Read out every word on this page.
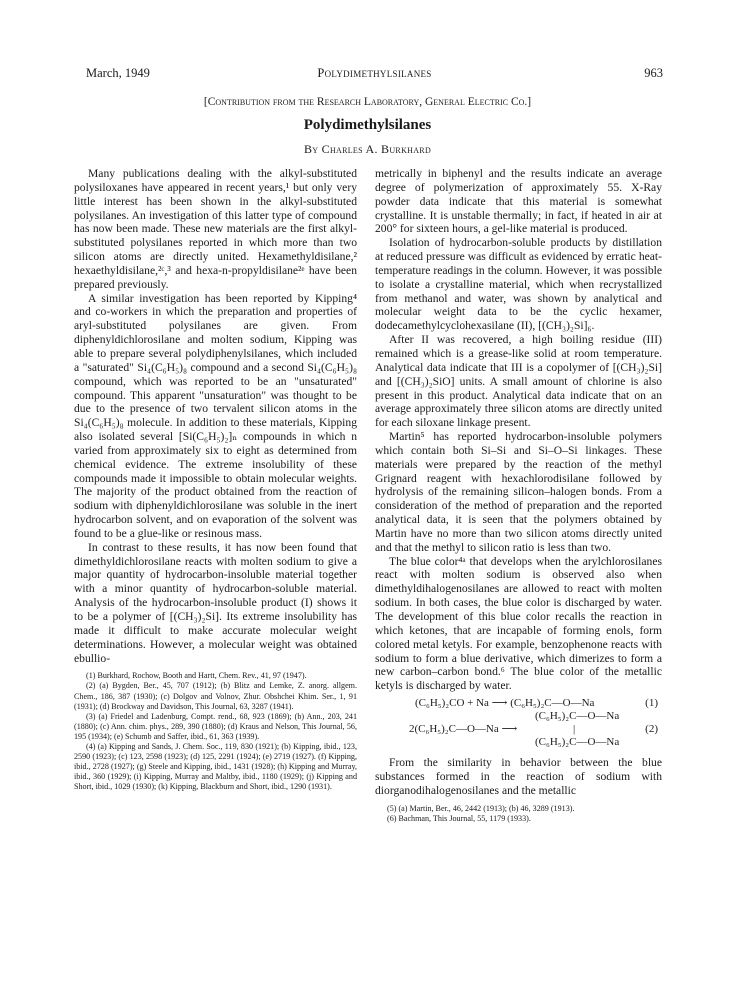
March, 1949	Polydimethylsilanes	963
[Contribution from the Research Laboratory, General Electric Co.]
Polydimethylsilanes
By Charles A. Burkhard

Many publications dealing with the alkyl-substituted polysiloxanes have appeared in recent years,¹ but only very little interest has been shown in the alkyl-substituted polysilanes. An investigation of this latter type of compound has now been made. These new materials are the first alkyl-substituted polysilanes reported in which more than two silicon atoms are directly united. Hexamethyldisilane,² hexaethyldisilane,²ᶜ,³ and hexa-n-propyldisilane²ᵉ have been prepared previously.

A similar investigation has been reported by Kipping⁴ and co-workers in which the preparation and properties of aryl-substituted polysilanes are given. From diphenyldichlorosilane and molten sodium, Kipping was able to prepare several polydiphenylsilanes, which included a "saturated" Si₄(C₆H₅)₈ compound and a second Si₄(C₆H₅)₈ compound, which was reported to be an "unsaturated" compound. This apparent "unsaturation" was thought to be due to the presence of two tervalent silicon atoms in the Si₄(C₆H₅)₈ molecule. In addition to these materials, Kipping also isolated several [Si(C₆H₅)₂]ₙ compounds in which n varied from approximately six to eight as determined from chemical evidence. The extreme insolubility of these compounds made it impossible to obtain molecular weights. The majority of the product obtained from the reaction of sodium with diphenyldichlorosilane was soluble in the inert hydrocarbon solvent, and on evaporation of the solvent was found to be a glue-like or resinous mass.

In contrast to these results, it has now been found that dimethyldichlorosilane reacts with molten sodium to give a major quantity of hydrocarbon-insoluble material together with a minor quantity of hydrocarbon-soluble material. Analysis of the hydrocarbon-insoluble product (I) shows it to be a polymer of [(CH₃)₂Si]. Its extreme insolubility has made it difficult to make accurate molecular weight determinations. However, a molecular weight was obtained ebullio-

(1) Burkhard, Rochow, Booth and Hartt, Chem. Rev., 41, 97 (1947).

(2) (a) Bygden, Ber., 45, 707 (1912); (b) Blitz and Lemke, Z. anorg. allgem. Chem., 186, 387 (1930); (c) Dolgov and Volnov, Zhur. Obshchei Khim. Ser., 1, 91 (1931); (d) Brockway and Davidson, This Journal, 63, 3287 (1941).

(3) (a) Friedel and Ladenburg, Compt. rend., 68, 923 (1869); (b) Ann., 203, 241 (1880); (c) Ann. chim. phys., 289, 390 (1880); (d) Kraus and Nelson, This Journal, 56, 195 (1934); (e) Schumb and Saffer, ibid., 61, 363 (1939).

(4) (a) Kipping and Sands, J. Chem. Soc., 119, 830 (1921); (b) Kipping, ibid., 123, 2590 (1923); (c) 123, 2598 (1923); (d) 125, 2291 (1924); (e) 2719 (1927). (f) Kipping, ibid., 2728 (1927); (g) Steele and Kipping, ibid., 1431 (1928); (h) Kipping and Murray, ibid., 360 (1929); (i) Kipping, Murray and Maltby, ibid., 1180 (1929); (j) Kipping and Short, ibid., 1029 (1930); (k) Kipping, Blackburn and Short, ibid., 1290 (1931).

metrically in biphenyl and the results indicate an average degree of polymerization of approximately 55. X-Ray powder data indicate that this material is somewhat crystalline. It is unstable thermally; in fact, if heated in air at 200° for sixteen hours, a gel-like material is produced.

Isolation of hydrocarbon-soluble products by distillation at reduced pressure was difficult as evidenced by erratic heat-temperature readings in the column. However, it was possible to isolate a crystalline material, which when recrystallized from methanol and water, was shown by analytical and molecular weight data to be the cyclic hexamer, dodecamethylcyclohexasilane (II), [(CH₃)₂Si]₆.

After II was recovered, a high boiling residue (III) remained which is a grease-like solid at room temperature. Analytical data indicate that III is a copolymer of [(CH₃)₂Si] and [(CH₃)₂SiO] units. A small amount of chlorine is also present in this product. Analytical data indicate that on an average approximately three silicon atoms are directly united for each siloxane linkage present.

Martin⁵ has reported hydrocarbon-insoluble polymers which contain both Si–Si and Si–O–Si linkages. These materials were prepared by the reaction of the methyl Grignard reagent with hexachlorodisilane followed by hydrolysis of the remaining silicon–halogen bonds. From a consideration of the method of preparation and the reported analytical data, it is seen that the polymers obtained by Martin have no more than two silicon atoms directly united and that the methyl to silicon ratio is less than two.

The blue color⁴ᵃ that develops when the arylchlorosilanes react with molten sodium is observed also when dimethyldihalogenosilanes are allowed to react with molten sodium. In both cases, the blue color is discharged by water. The development of this blue color recalls the reaction in which ketones, that are incapable of forming enols, form colored metal ketyls. For example, benzophenone reacts with sodium to form a blue derivative, which dimerizes to form a new carbon–carbon bond.⁶ The blue color of the metallic ketyls is discharged by water.

(C₆H₅)₂CO + Na ⟶ (C₆H₅)₂C—O—Na	(1)
2(C₆H₅)₂C—O—Na ⟶
(C₆H₅)₂C—O—Na
|
(C₆H₅)₂C—O—Na
(2)

From the similarity in behavior between the blue substances formed in the reaction of sodium with diorganodihalogenosilanes and the metallic

(5) (a) Martin, Ber., 46, 2442 (1913); (b) 46, 3289 (1913).

(6) Bachman, This Journal, 55, 1179 (1933).
